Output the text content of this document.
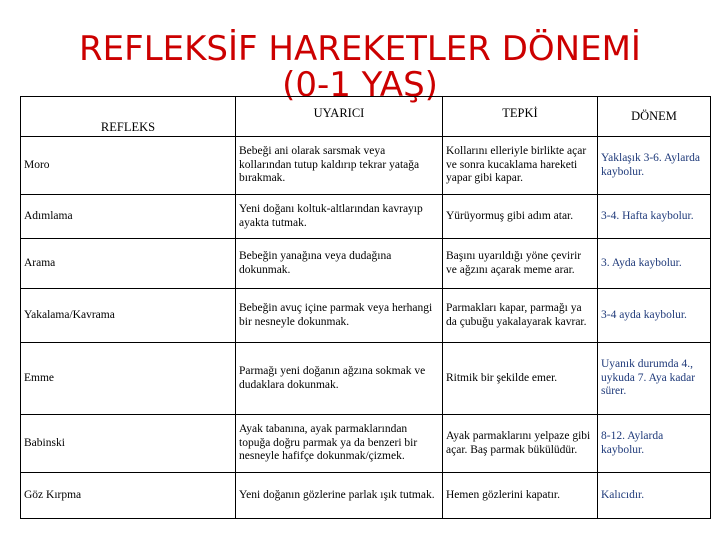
REFLEKSİF HAREKETLER DÖNEMİ
(0-1 YAŞ)
REFLEKS	UYARICI	TEPKİ	DÖNEM
Moro	Bebeği ani olarak sarsmak veya kollarından tutup kaldırıp tekrar yatağa bırakmak.	Kollarını elleriyle birlikte açar ve sonra kucaklama hareketi yapar gibi kapar.	Yaklaşık 3-6. Aylarda kaybolur.
Adımlama	Yeni doğanı koltuk-altlarından kavrayıp ayakta tutmak.	Yürüyormuş gibi adım atar.	3-4. Hafta kaybolur.
Arama	Bebeğin yanağına veya dudağına dokunmak.	Başını uyarıldığı yöne çevirir ve ağzını açarak meme arar.	3. Ayda kaybolur.
Yakalama/Kavrama	Bebeğin avuç içine parmak veya herhangi bir nesneyle dokunmak.	Parmakları kapar, parmağı ya da çubuğu yakalayarak kavrar.	3-4 ayda kaybolur.
Emme	Parmağı yeni doğanın ağzına sokmak ve dudaklara dokunmak.	Ritmik bir şekilde emer.	Uyanık durumda 4., uykuda 7. Aya kadar sürer.
Babinski	Ayak tabanına, ayak parmaklarından topuğa doğru parmak ya da benzeri bir nesneyle hafifçe dokunmak/çizmek.	Ayak parmaklarını yelpaze gibi açar. Baş parmak bükülüdür.	8-12. Aylarda kaybolur.
Göz Kırpma	Yeni doğanın gözlerine parlak ışık tutmak.	Hemen gözlerini kapatır.	Kalıcıdır.
